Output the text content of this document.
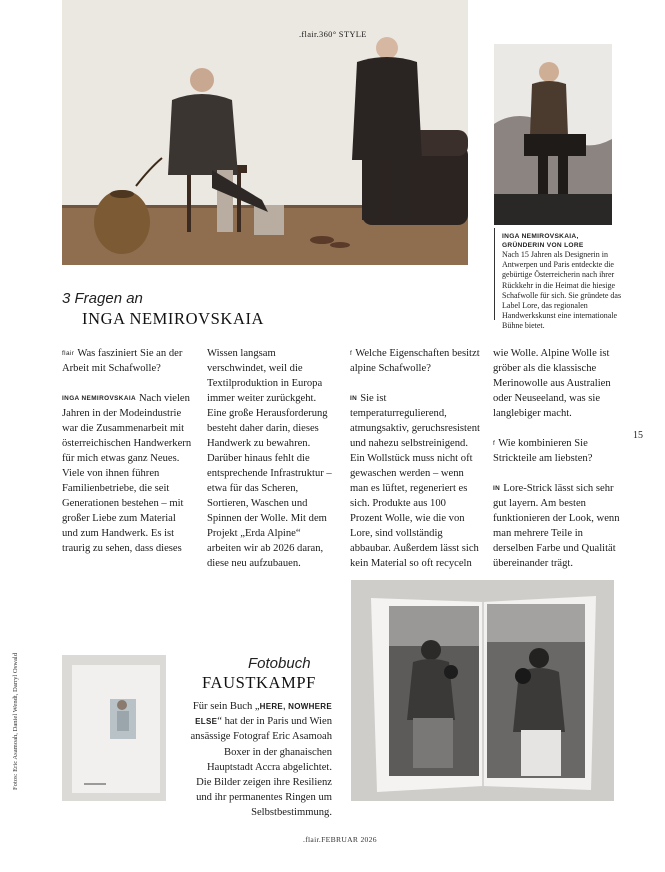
.flair.360° STYLE
INGA NEMIROVSKAIA,
GRÜNDERIN VON LORE
Nach 15 Jahren als Designerin in Antwerpen und Paris entdeckte die gebürtige Österreicherin nach ihrer Rückkehr in die Heimat die hiesige Schafwolle für sich. Sie gründete das Label Lore, das regionalen Handwerkskunst eine internationale Bühne bietet.
3 Fragen an
INGA NEMIROVSKAIA

flair Was fasziniert Sie an der Arbeit mit Schafwolle?

INGA NEMIROVSKAIA Nach vielen Jahren in der Modeindustrie war die Zusammenarbeit mit österreichischen Handwerkern für mich etwas ganz Neues. Viele von ihnen führen Familienbetriebe, die seit Generationen bestehen – mit großer Liebe zum Material und zum Handwerk. Es ist traurig zu sehen, dass dieses

Wissen langsam verschwindet, weil die Textilproduktion in Europa immer weiter zurückgeht. Eine große Herausforderung besteht daher darin, dieses Handwerk zu bewahren. Darüber hinaus fehlt die entsprechende Infrastruktur – etwa für das Scheren, Sortieren, Waschen und Spinnen der Wolle. Mit dem Projekt „Erda Alpine“ arbeiten wir ab 2026 daran, diese neu aufzubauen.

f Welche Eigenschaften besitzt alpine Schafwolle?

IN Sie ist temperaturregulierend, atmungsaktiv, geruchsresistent und nahezu selbstreinigend. Ein Wollstück muss nicht oft gewaschen werden – wenn man es lüftet, regeneriert es sich. Produkte aus 100 Prozent Wolle, wie die von Lore, sind vollständig abbaubar. Außerdem lässt sich kein Material so oft recyceln

wie Wolle. Alpine Wolle ist gröber als die klassische Merinowolle aus Australien oder Neuseeland, was sie langlebiger macht.

f Wie kombinieren Sie Strickteile am liebsten?

IN Lore-Strick lässt sich sehr gut layern. Am besten funktionieren der Look, wenn man mehrere Teile in derselben Farbe und Qualität übereinander trägt.

15
Fotos: Eric Asamoah, Daniel Wendt, Darryl Oswald	Fotobuch
FAUSTKAMPF
Für sein Buch „HERE, NOWHERE ELSE“ hat der in Paris und Wien ansässige Fotograf Eric Asamoah Boxer in der ghanaischen Hauptstadt Accra abgelichtet. Die Bilder zeigen ihre Resilienz und ihr permanentes Ringen um Selbstbestimmung.
.flair.FEBRUAR 2026
